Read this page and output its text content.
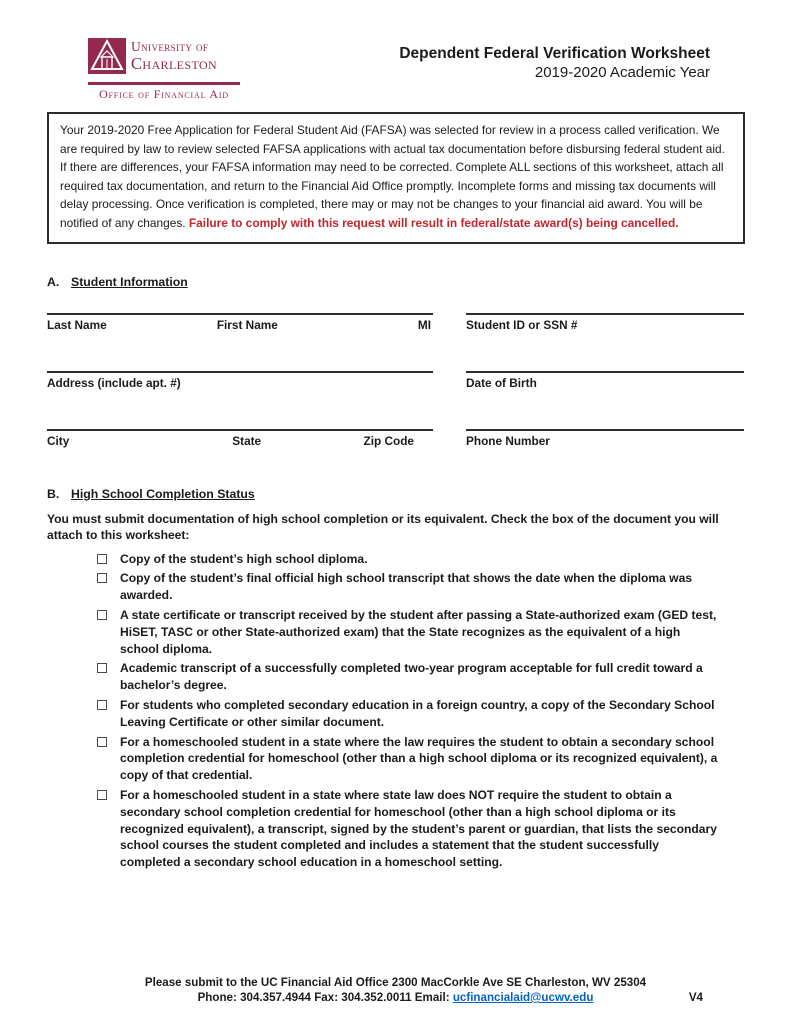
University of
Charleston
Office of Financial Aid
Dependent Federal Verification Worksheet
2019-2020 Academic Year
Your 2019-2020 Free Application for Federal Student Aid (FAFSA) was selected for review in a process called verification. We are required by law to review selected FAFSA applications with actual tax documentation before disbursing federal student aid. If there are differences, your FAFSA information may need to be corrected. Complete ALL sections of this worksheet, attach all required tax documentation, and return to the Financial Aid Office promptly. Incomplete forms and missing tax documents will delay processing. Once verification is completed, there may or may not be changes to your financial aid award. You will be notified of any changes. Failure to comply with this request will result in federal/state award(s) being cancelled.
A. Student Information
Last Name	First Name	MI	Student ID or SSN #
Address (include apt. #)	Date of Birth
City	State	Zip Code	Phone Number
B. High School Completion Status
You must submit documentation of high school completion or its equivalent. Check the box of the document you will attach to this worksheet:
Copy of the student’s high school diploma.
Copy of the student’s final official high school transcript that shows the date when the diploma was awarded.
A state certificate or transcript received by the student after passing a State-authorized exam (GED test, HiSET, TASC or other State-authorized exam) that the State recognizes as the equivalent of a high school diploma.
Academic transcript of a successfully completed two-year program acceptable for full credit toward a bachelor’s degree.
For students who completed secondary education in a foreign country, a copy of the Secondary School Leaving Certificate or other similar document.
For a homeschooled student in a state where the law requires the student to obtain a secondary school completion credential for homeschool (other than a high school diploma or its recognized equivalent), a copy of that credential.
For a homeschooled student in a state where state law does NOT require the student to obtain a secondary school completion credential for homeschool (other than a high school diploma or its recognized equivalent), a transcript, signed by the student’s parent or guardian, that lists the secondary school courses the student completed and includes a statement that the student successfully completed a secondary school education in a homeschool setting.
Please submit to the UC Financial Aid Office 2300 MacCorkle Ave SE Charleston, WV 25304
Phone: 304.357.4944 Fax: 304.352.0011 Email: ucfinancialaid@ucwv.edu	V4
